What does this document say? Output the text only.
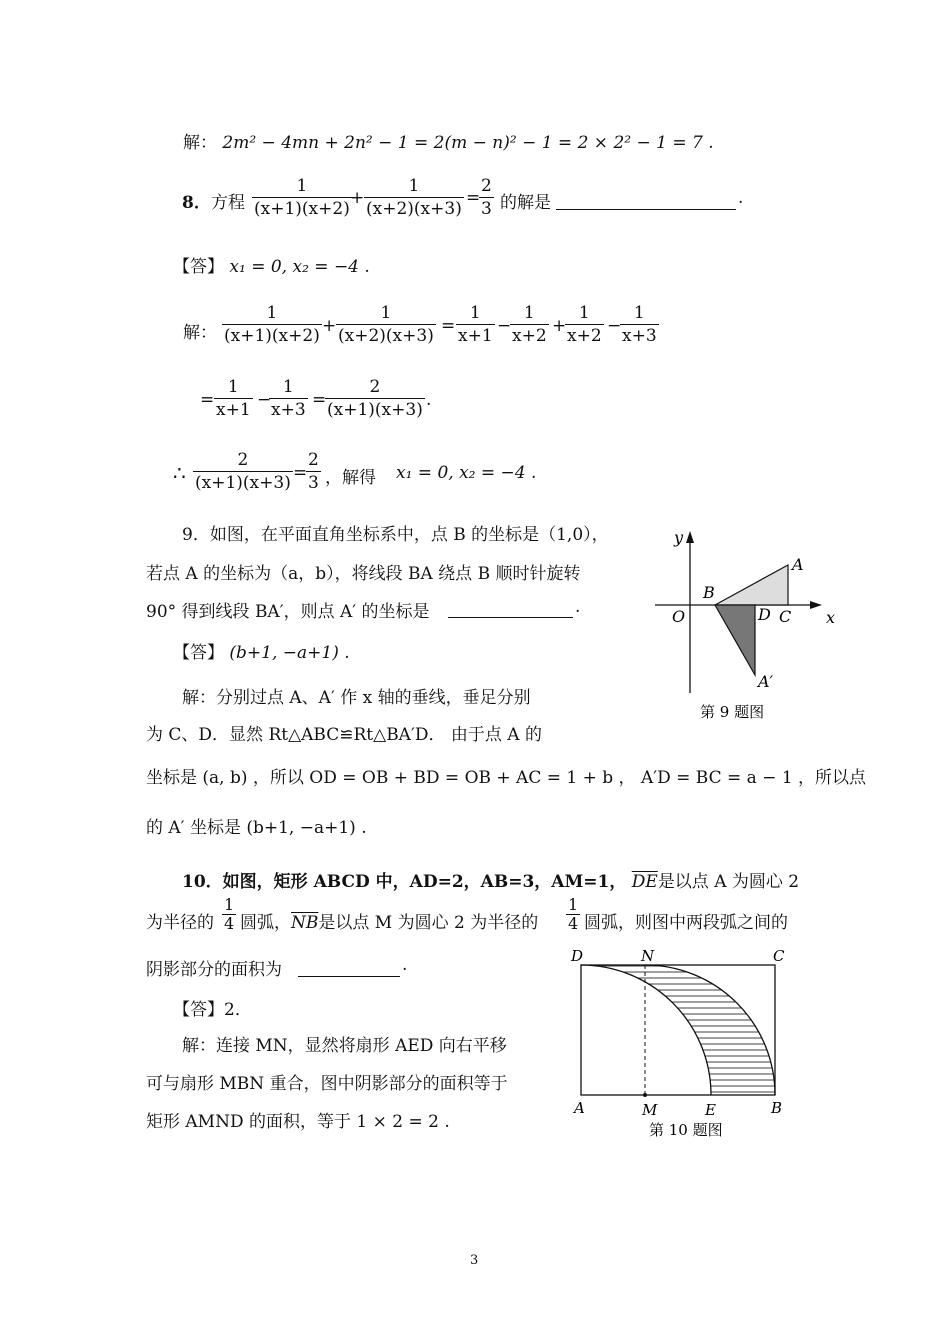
解： 2m² − 4mn + 2n² − 1 = 2(m − n)² − 1 = 2 × 2² − 1 = 7 .
8． 方程 $\frac{1}{(x+1)(x+2)}$
+ $\frac{1}{(x+2)(x+3)}$ =
$\frac{2}{3}$ 的解是	.
【答】 x₁ = 0, x₂ = −4 .
解： $\frac{1}{(x+1)(x+2)} + \frac{1}{(x+2)(x+3)} = \frac{1}{x+1}$ −
$\frac{1}{x+2}$ +
$\frac{1}{x+2}$ −
$\frac{1}{x+3}$
= $\frac{1}{x+1}$ −
$\frac{1}{x+3}$ =
$\frac{2}{(x+1)(x+3)}$ .
∴ $\frac{2}{(x+1)(x+3)}$ =
$\frac{2}{3}$ ，解得 x₁ = 0, x₂ = −4 .
9．如图，在平面直角坐标系中，点 B 的坐标是（1,0），
若点 A 的坐标为（a，b），将线段 BA 绕点 B 顺时针旋转
90° 得到线段 BA′，则点 A′ 的坐标是	.
【答】 (b+1, −a+1) .
解：分别过点 A、A′ 作 x 轴的垂线，垂足分别
为 C、D．显然 Rt△ABC≌Rt△BA′D． 由于点 A 的
坐标是 (a, b) ，所以 OD = OB + BD = OB + AC = 1 + b ， A′D = BC = a − 1 ，所以点
的 A′ 坐标是 (b+1, −a+1) .
y
x
O
B
A
D C
A′
第 9 题图
10．如图，矩形 ABCD 中，AD=2，AB=3，AM=1， $\overline{DE}$是以点 A 为圆心 2
为半径的 $\frac{1}{4}$ 圆弧，$\overline{NB}$是以点 M 为圆心 2 为半径的 $\frac{1}{4}$ 圆弧，则图中两段弧之间的
阴影部分的面积为	.
【答】2．
解：连接 MN，显然将扇形 AED 向右平移
可与扇形 MBN 重合，图中阴影部分的面积等于
矩形 AMND 的面积，等于 1 × 2 = 2 .
D	N	C
A	M	E	B
第 10 题图
3
